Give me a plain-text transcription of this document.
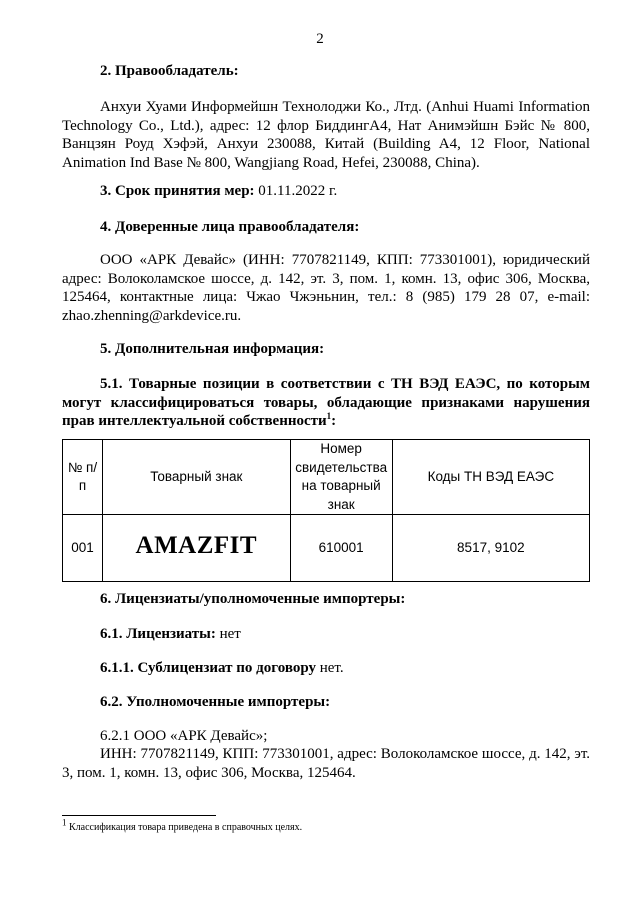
2
2. Правообладатель:
Анхуи Хуами Информейшн Технолоджи Ко., Лтд. (Anhui Huami Information Technology Co., Ltd.), адрес: 12 флор БиддингА4, Нат Анимэйшн Бэйс № 800, Ванцзян Роуд Хэфэй, Анхуи 230088, Китай (Building A4, 12 Floor, National Animation Ind Base № 800, Wangjiang Road, Hefei, 230088, China).
3. Срок принятия мер: 01.11.2022 г.
4. Доверенные лица правообладателя:
ООО «АРК Девайс» (ИНН: 7707821149, КПП: 773301001), юридический адрес: Волоколамское шоссе, д. 142, эт. 3, пом. 1, комн. 13, офис 306, Москва, 125464, контактные лица: Чжао Чжэньнин, тел.: 8 (985) 179 28 07, e-mail: zhao.zhenning@arkdevice.ru.
5. Дополнительная информация:
5.1. Товарные позиции в соответствии с ТН ВЭД ЕАЭС, по которым могут классифицироваться товары, обладающие признаками нарушения прав интеллектуальной собственности$^1$:
№ п/п	Товарный знак	Номер свидетельства на товарный знак	Коды ТН ВЭД ЕАЭС
001	AMAZFIT	610001	8517, 9102
6. Лицензиаты/уполномоченные импортеры:
6.1. Лицензиаты: нет
6.1.1. Сублицензиат по договору нет.
6.2. Уполномоченные импортеры:
6.2.1 ООО «АРК Девайс»;
ИНН: 7707821149, КПП: 773301001, адрес: Волоколамское шоссе, д. 142, эт. 3, пом. 1, комн. 13, офис 306, Москва, 125464.
$^1$ Классификация товара приведена в справочных целях.
